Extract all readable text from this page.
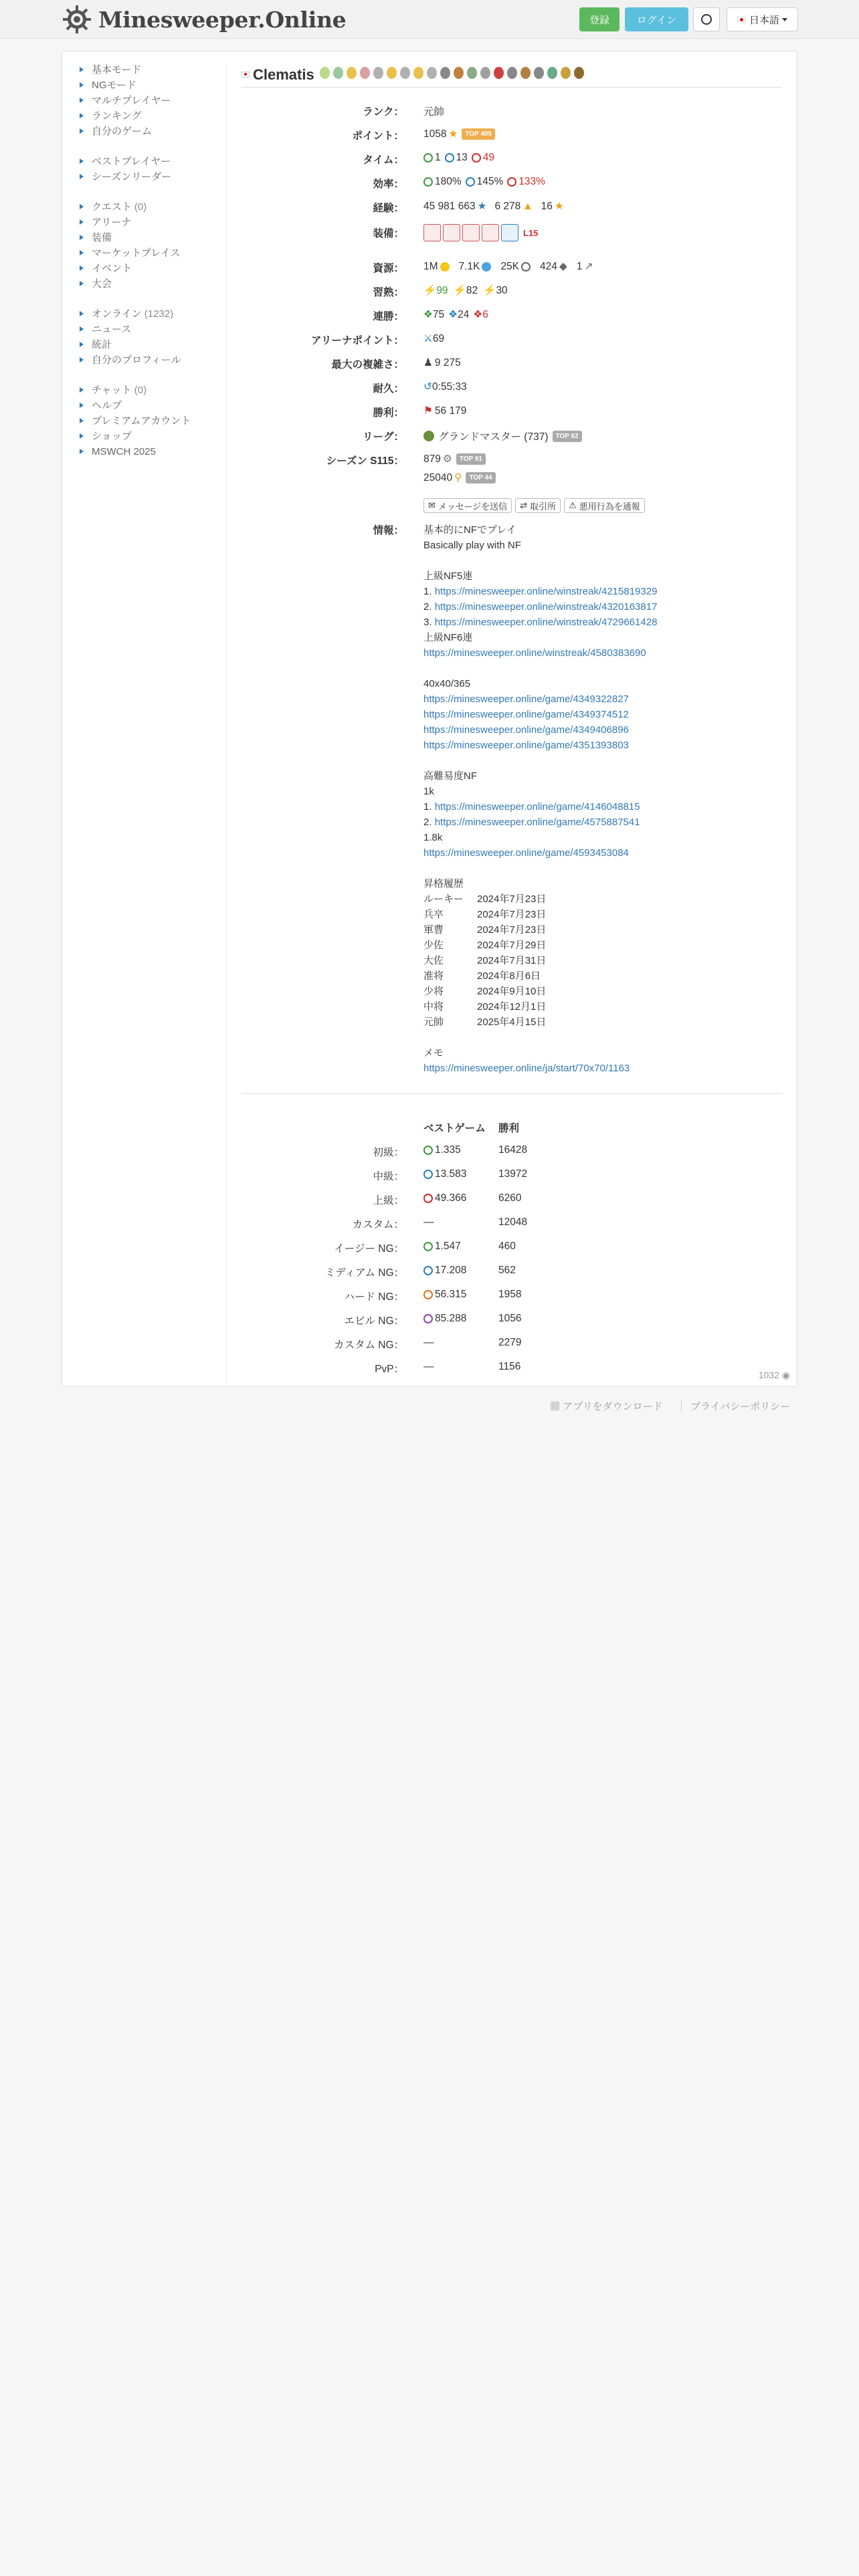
Minesweeper.Online	登録	ログイン	日本語
基本モード
NGモード
マルチプレイヤー
ランキング
自分のゲーム
ベストプレイヤー
シーズンリーダー
クエスト (0)
アリーナ
装備
マーケットプレイス
イベント
大会
オンライン (1232)
ニュース
統計
自分のプロフィール
チャット (0)
ヘルプ
プレミアムアカウント
ショップ
MSWCH 2025
Clematis
ランク： 元帥
ポイント： 1058 ★	TOP 405
タイム：	1 13 49
効率：	180% 145% 133%
経験： 45 981 663 ★ 6 278 ▲ 16 ★
装備：	L15
資源： 1M 7.1K 25K 424 ◆ 1 ↗
習熟： ⚡ 99 ⚡ 82 ⚡ 30
連勝： ❖ 75 ❖ 24 ❖ 6
アリーナポイント： ⚔ 69
最大の複雑さ： ♟ 9 275
耐久： ↺ 0:55:33
勝利： ⚑ 56 179
リーグ：	グランドマスター (737)	TOP 62
シーズン S115： 879 ⚙	TOP 91
25040 ⚲	TOP 44
✉ メッセージを送信 ⇄ 取引所 ⚠ 悪用行為を通報
情報： 基本的にNFでプレイ
Basically play with NF
上級NF5連
1. https://minesweeper.online/winstreak/4215819329
2. https://minesweeper.online/winstreak/4320163817
3. https://minesweeper.online/winstreak/4729661428
上級NF6連
https://minesweeper.online/winstreak/4580383690
40x40/365
https://minesweeper.online/game/4349322827
https://minesweeper.online/game/4349374512
https://minesweeper.online/game/4349406896
https://minesweeper.online/game/4351393803
高難易度NF
1k
1. https://minesweeper.online/game/4146048815
2. https://minesweeper.online/game/4575887541
1.8k
https://minesweeper.online/game/4593453084
昇格履歴
ルーキー 2024年7月23日
兵卒	2024年7月23日
軍曹	2024年7月23日
少佐	2024年7月29日
大佐	2024年7月31日
准将	2024年8月6日
少将	2024年9月10日
中将	2024年12月1日
元帥	2025年4月15日
メモ
https://minesweeper.online/ja/start/70x70/1163
ベストゲーム 勝利
初級：	1.335	16428
中級：	13.583	13972
上級：	49.366	6260
カスタム： —	12048
イージー NG：	1.547	460
ミディアム NG：	17.208	562
ハード NG：	56.315	1958
エビル NG：	85.288	1056
カスタム NG： —	2279
PvP： —	1156
1032 ◉
▦ アプリをダウンロード	プライバシーポリシー
